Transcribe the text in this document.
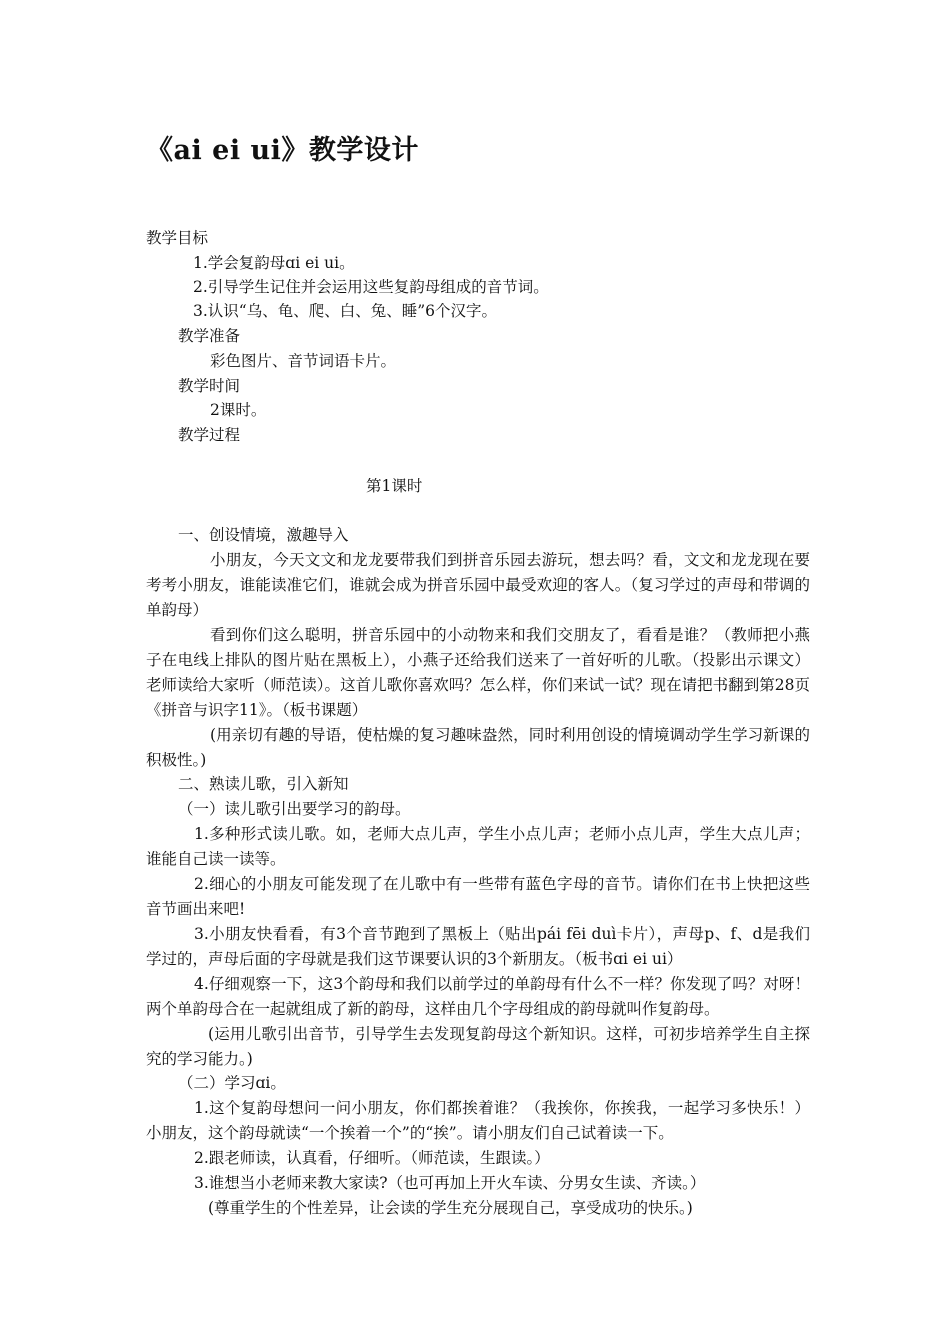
《ai ei ui》教学设计
教学目标
1.学会复韵母ɑi ei ui。
2.引导学生记住并会运用这些复韵母组成的音节词。
3.认识“乌、龟、爬、白、兔、睡”6个汉字。
教学准备
彩色图片、音节词语卡片。
教学时间
2课时。
教学过程
第1课时
一、创设情境，激趣导入
小朋友，今天文文和龙龙要带我们到拼音乐园去游玩，想去吗？看，文文和龙龙现在要考考小朋友，谁能读准它们，谁就会成为拼音乐园中最受欢迎的客人。（复习学过的声母和带调的单韵母）
看到你们这么聪明，拼音乐园中的小动物来和我们交朋友了，看看是谁？（教师把小燕子在电线上排队的图片贴在黑板上），小燕子还给我们送来了一首好听的儿歌。（投影出示课文）老师读给大家听（师范读）。这首儿歌你喜欢吗？怎么样，你们来试一试？现在请把书翻到第28页《拼音与识字11》。（板书课题）
(用亲切有趣的导语，使枯燥的复习趣味盎然，同时利用创设的情境调动学生学习新课的积极性。)
二、熟读儿歌，引入新知
（一）读儿歌引出要学习的韵母。
1.多种形式读儿歌。如，老师大点儿声，学生小点儿声；老师小点儿声，学生大点儿声；谁能自己读一读等。
2.细心的小朋友可能发现了在儿歌中有一些带有蓝色字母的音节。请你们在书上快把这些音节画出来吧!
3.小朋友快看看，有3个音节跑到了黑板上（贴出pái fēi duì卡片），声母p、f、d是我们学过的，声母后面的字母就是我们这节课要认识的3个新朋友。（板书ɑi ei ui）
4.仔细观察一下，这3个韵母和我们以前学过的单韵母有什么不一样？你发现了吗？对呀！两个单韵母合在一起就组成了新的韵母，这样由几个字母组成的韵母就叫作复韵母。
(运用儿歌引出音节，引导学生去发现复韵母这个新知识。这样，可初步培养学生自主探究的学习能力。)
（二）学习ɑi。
1.这个复韵母想问一问小朋友，你们都挨着谁？（我挨你，你挨我，一起学习多快乐！）小朋友，这个韵母就读“一个挨着一个”的“挨”。请小朋友们自己试着读一下。
2.跟老师读，认真看，仔细听。（师范读，生跟读。）
3.谁想当小老师来教大家读?（也可再加上开火车读、分男女生读、齐读。）
(尊重学生的个性差异，让会读的学生充分展现自己，享受成功的快乐。)
